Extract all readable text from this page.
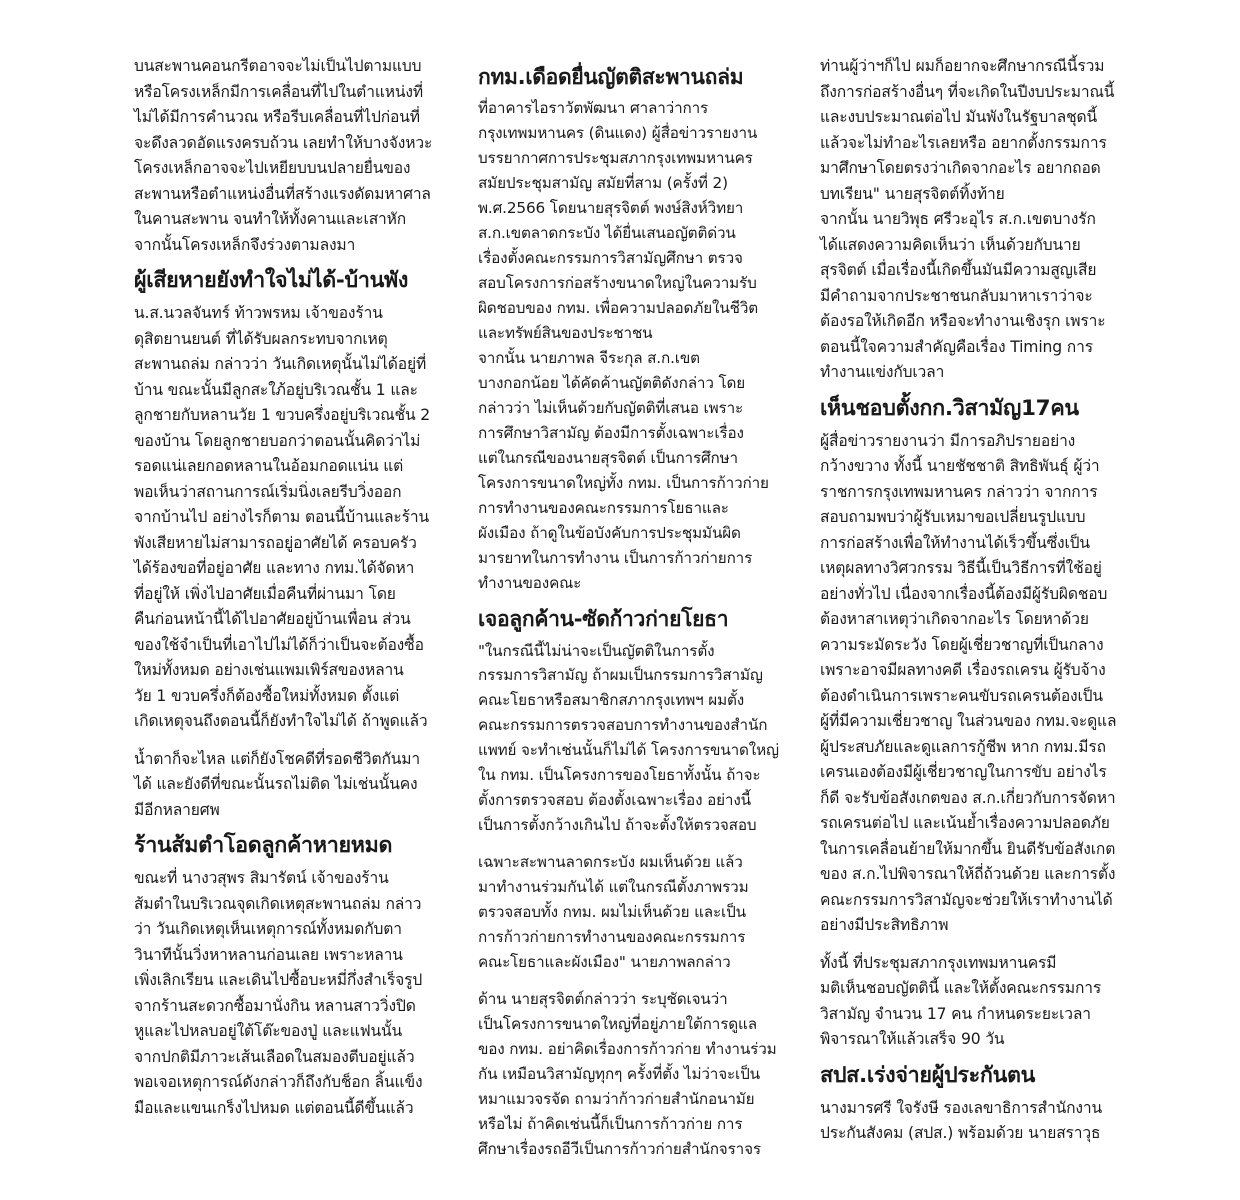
บนสะพานคอนกรีตอาจจะไม่เป็นไปตามแบบ
หรือโครงเหล็กมีการเคลื่อนที่ไปในตำแหน่งที่
ไม่ได้มีการคำนวณ หรือรีบเคลื่อนที่ไปก่อนที่
จะดึงลวดอัดแรงครบถ้วน เลยทำให้บางจังหวะ
โครงเหล็กอาจจะไปเหยียบบนปลายยื่นของ
สะพานหรือตำแหน่งอื่นที่สร้างแรงดัดมหาศาล
ในคานสะพาน จนทำให้ทั้งคานและเสาหัก
จากนั้นโครงเหล็กจึงร่วงตามลงมา

ผู้เสียหายยังทำใจไม่ได้-บ้านพัง

น.ส.นวลจันทร์ ท้าวพรหม เจ้าของร้าน
ดุสิตยานยนต์ ที่ได้รับผลกระทบจากเหตุ
สะพานถล่ม กล่าวว่า วันเกิดเหตุนั้นไม่ได้อยู่ที่
บ้าน ขณะนั้นมีลูกสะใภ้อยู่บริเวณชั้น 1 และ
ลูกชายกับหลานวัย 1 ขวบครึ่งอยู่บริเวณชั้น 2
ของบ้าน โดยลูกชายบอกว่าตอนนั้นคิดว่าไม่
รอดแน่เลยกอดหลานในอ้อมกอดแน่น แต่
พอเห็นว่าสถานการณ์เริ่มนิ่งเลยรีบวิ่งออก
จากบ้านไป อย่างไรก็ตาม ตอนนี้บ้านและร้าน
พังเสียหายไม่สามารถอยู่อาศัยได้ ครอบครัว
ได้ร้องขอที่อยู่อาศัย และทาง กทม.ได้จัดหา
ที่อยู่ให้ เพิ่งไปอาศัยเมื่อคืนที่ผ่านมา โดย
คืนก่อนหน้านี้ได้ไปอาศัยอยู่บ้านเพื่อน ส่วน
ของใช้จำเป็นที่เอาไปไม่ได้ก็ว่าเป็นจะต้องซื้อ
ใหม่ทั้งหมด อย่างเช่นแพมเพิร์สของหลาน
วัย 1 ขวบครึ่งก็ต้องซื้อใหม่ทั้งหมด ตั้งแต่
เกิดเหตุจนถึงตอนนี้ก็ยังทำใจไม่ได้ ถ้าพูดแล้ว

น้ำตาก็จะไหล แต่ก็ยังโชคดีที่รอดชีวิตกันมา
ได้ และยังดีที่ขณะนั้นรถไม่ติด ไม่เช่นนั้นคง
มีอีกหลายศพ

ร้านส้มตำโอดลูกค้าหายหมด

ขณะที่ นางวสุพร สิมารัตน์ เจ้าของร้าน
ส้มตำในบริเวณจุดเกิดเหตุสะพานถล่ม กล่าว
ว่า วันเกิดเหตุเห็นเหตุการณ์ทั้งหมดกับตา
วินาทีนั้นวิ่งหาหลานก่อนเลย เพราะหลาน
เพิ่งเลิกเรียน และเดินไปซื้อบะหมี่กึ่งสำเร็จรูป
จากร้านสะดวกซื้อมานั่งกิน หลานสาววิ่งปิด
หูและไปหลบอยู่ใต้โต๊ะของปู่ และแฟนนั้น
จากปกติมีภาวะเส้นเลือดในสมองตีบอยู่แล้ว
พอเจอเหตุการณ์ดังกล่าวก็ถึงกับช็อก ลิ้นแข็ง
มือและแขนเกร็งไปหมด แต่ตอนนี้ดีขึ้นแล้ว

กทม.เดือดยื่นญัตติสะพานถล่ม

ที่อาคารไอราวัตพัฒนา ศาลาว่าการ
กรุงเทพมหานคร (ดินแดง) ผู้สื่อข่าวรายงาน
บรรยากาศการประชุมสภากรุงเทพมหานคร
สมัยประชุมสามัญ สมัยที่สาม (ครั้งที่ 2)
พ.ศ.2566 โดยนายสุรจิตต์ พงษ์สิงห์วิทยา
ส.ก.เขตลาดกระบัง ได้ยื่นเสนอญัตติด่วน
เรื่องตั้งคณะกรรมการวิสามัญศึกษา ตรวจ
สอบโครงการก่อสร้างขนาดใหญ่ในความรับ
ผิดชอบของ กทม. เพื่อความปลอดภัยในชีวิต
และทรัพย์สินของประชาชน

จากนั้น นายภาพล จีระกุล ส.ก.เขต
บางกอกน้อย ได้คัดค้านญัตติดังกล่าว โดย
กล่าวว่า ไม่เห็นด้วยกับญัตติที่เสนอ เพราะ
การศึกษาวิสามัญ ต้องมีการตั้งเฉพาะเรื่อง
แต่ในกรณีของนายสุรจิตต์ เป็นการศึกษา
โครงการขนาดใหญ่ทั้ง กทม. เป็นการก้าวก่าย
การทำงานของคณะกรรมการโยธาและ
ผังเมือง ถ้าดูในข้อบังคับการประชุมมันผิด
มารยาทในการทำงาน เป็นการก้าวก่ายการ
ทำงานของคณะ

เจอลูกค้าน-ซัดก้าวก่ายโยธา

"ในกรณีนี้ไม่น่าจะเป็นญัตติในการตั้ง
กรรมการวิสามัญ ถ้าผมเป็นกรรมการวิสามัญ
คณะโยธาหรือสมาชิกสภากรุงเทพฯ ผมตั้ง
คณะกรรมการตรวจสอบการทำงานของสำนัก
แพทย์ จะทำเช่นนั้นก็ไม่ได้ โครงการขนาดใหญ่
ใน กทม. เป็นโครงการของโยธาทั้งนั้น ถ้าจะ
ตั้งการตรวจสอบ ต้องตั้งเฉพาะเรื่อง อย่างนี้
เป็นการตั้งกว้างเกินไป ถ้าจะตั้งให้ตรวจสอบ

เฉพาะสะพานลาดกระบัง ผมเห็นด้วย แล้ว
มาทำงานร่วมกันได้ แต่ในกรณีตั้งภาพรวม
ตรวจสอบทั้ง กทม. ผมไม่เห็นด้วย และเป็น
การก้าวก่ายการทำงานของคณะกรรมการ
คณะโยธาและผังเมือง" นายภาพลกล่าว

ด้าน นายสุรจิตต์กล่าวว่า ระบุชัดเจนว่า
เป็นโครงการขนาดใหญ่ที่อยู่ภายใต้การดูแล
ของ กทม. อย่าคิดเรื่องการก้าวก่าย ทำงานร่วม
กัน เหมือนวิสามัญทุกๆ ครั้งที่ตั้ง ไม่ว่าจะเป็น
หมาแมวจรจัด ถามว่าก้าวก่ายสำนักอนามัย
หรือไม่ ถ้าคิดเช่นนี้ก็เป็นการก้าวก่าย การ
ศึกษาเรื่องรถอีวีเป็นการก้าวก่ายสำนักจราจร

ท่านผู้ว่าฯก็ไป ผมก็อยากจะศึกษากรณีนี้รวม
ถึงการก่อสร้างอื่นๆ ที่จะเกิดในปีงบประมาณนี้
และงบประมาณต่อไป มันพังในรัฐบาลชุดนี้
แล้วจะไม่ทำอะไรเลยหรือ อยากตั้งกรรมการ
มาศึกษาโดยตรงว่าเกิดจากอะไร อยากถอด
บทเรียน" นายสุรจิตต์ทิ้งท้าย

จากนั้น นายวิพุธ ศรีวะอุไร ส.ก.เขตบางรัก
ได้แสดงความคิดเห็นว่า เห็นด้วยกับนาย
สุรจิตต์ เมื่อเรื่องนี้เกิดขึ้นมันมีความสูญเสีย
มีคำถามจากประชาชนกลับมาหาเราว่าจะ
ต้องรอให้เกิดอีก หรือจะทำงานเชิงรุก เพราะ
ตอนนี้ใจความสำคัญคือเรื่อง Timing การ
ทำงานแข่งกับเวลา

เห็นชอบตั้งกก.วิสามัญ17คน

ผู้สื่อข่าวรายงานว่า มีการอภิปรายอย่าง
กว้างขวาง ทั้งนี้ นายชัชชาติ สิทธิพันธุ์ ผู้ว่า
ราชการกรุงเทพมหานคร กล่าวว่า จากการ
สอบถามพบว่าผู้รับเหมาขอเปลี่ยนรูปแบบ
การก่อสร้างเพื่อให้ทำงานได้เร็วขึ้นซึ่งเป็น
เหตุผลทางวิศวกรรม วิธีนี้เป็นวิธีการที่ใช้อยู่
อย่างทั่วไป เนื่องจากเรื่องนี้ต้องมีผู้รับผิดชอบ
ต้องหาสาเหตุว่าเกิดจากอะไร โดยหาด้วย
ความระมัดระวัง โดยผู้เชี่ยวชาญที่เป็นกลาง
เพราะอาจมีผลทางคดี เรื่องรถเครน ผู้รับจ้าง
ต้องดำเนินการเพราะคนขับรถเครนต้องเป็น
ผู้ที่มีความเชี่ยวชาญ ในส่วนของ กทม.จะดูแล
ผู้ประสบภัยและดูแลการกู้ชีพ หาก กทม.มีรถ
เครนเองต้องมีผู้เชี่ยวชาญในการขับ อย่างไร
ก็ดี จะรับข้อสังเกตของ ส.ก.เกี่ยวกับการจัดหา
รถเครนต่อไป และเน้นย้ำเรื่องความปลอดภัย
ในการเคลื่อนย้ายให้มากขึ้น ยินดีรับข้อสังเกต
ของ ส.ก.ไปพิจารณาให้ถี่ถ้วนด้วย และการตั้ง
คณะกรรมการวิสามัญจะช่วยให้เราทำงานได้
อย่างมีประสิทธิภาพ

ทั้งนี้ ที่ประชุมสภากรุงเทพมหานครมี
มติเห็นชอบญัตตินี้ และให้ตั้งคณะกรรมการ
วิสามัญ จำนวน 17 คน กำหนดระยะเวลา
พิจารณาให้แล้วเสร็จ 90 วัน

สปส.เร่งจ่ายผู้ประกันตน

นางมารศรี ใจรังษี รองเลขาธิการสำนักงาน
ประกันสังคม (สปส.) พร้อมด้วย นายสราวุธ
